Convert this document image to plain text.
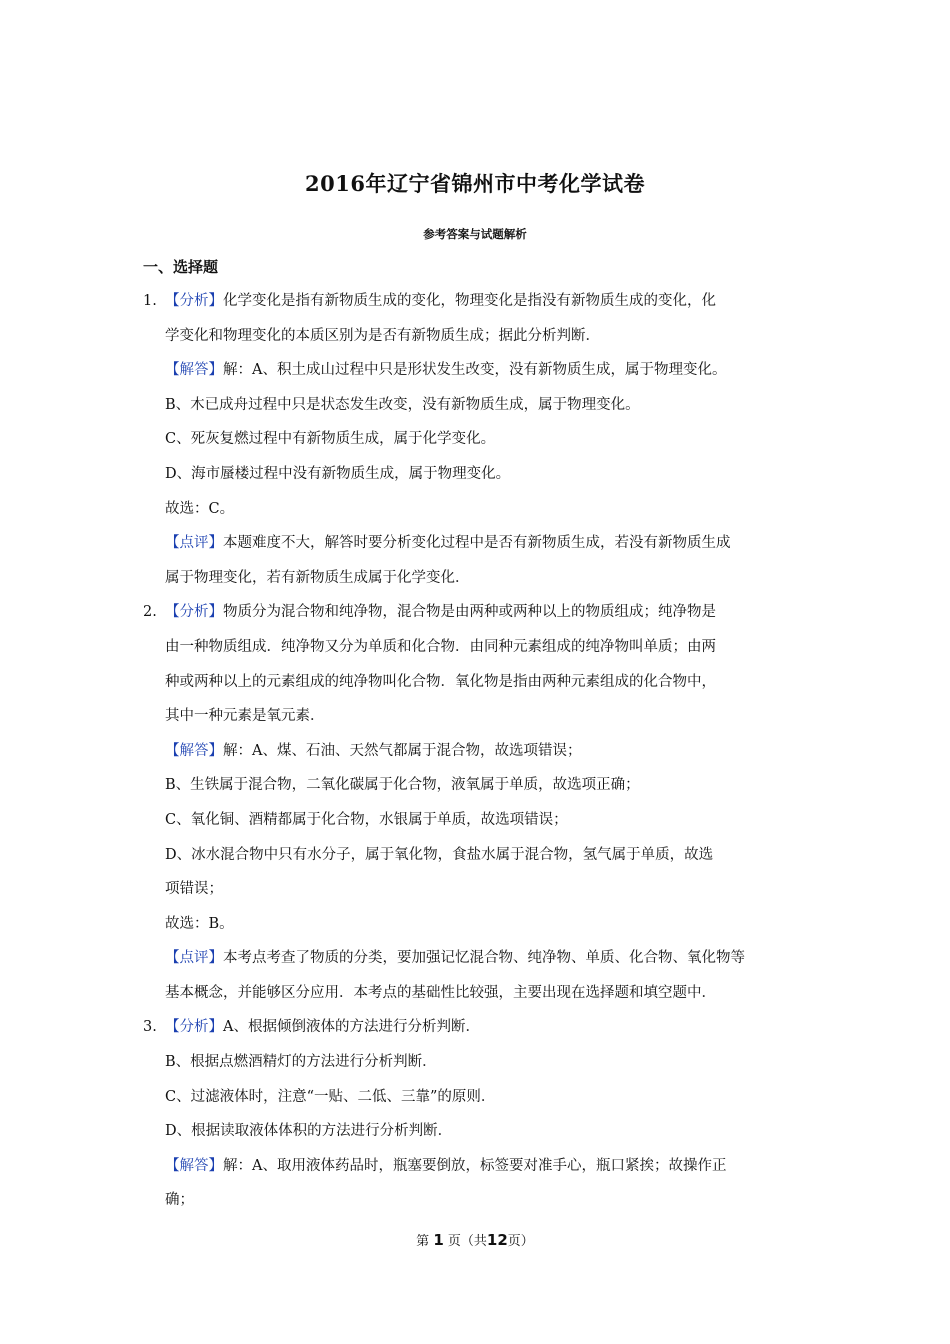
2016年辽宁省锦州市中考化学试卷
参考答案与试题解析
一、选择题
1. 【分析】化学变化是指有新物质生成的变化，物理变化是指没有新物质生成的变化，化
学变化和物理变化的本质区别为是否有新物质生成；据此分析判断．
【解答】解：A、积土成山过程中只是形状发生改变，没有新物质生成，属于物理变化。
B、木已成舟过程中只是状态发生改变，没有新物质生成，属于物理变化。
C、死灰复燃过程中有新物质生成，属于化学变化。
D、海市蜃楼过程中没有新物质生成，属于物理变化。
故选：C。
【点评】本题难度不大，解答时要分析变化过程中是否有新物质生成，若没有新物质生成
属于物理变化，若有新物质生成属于化学变化．
2. 【分析】物质分为混合物和纯净物，混合物是由两种或两种以上的物质组成；纯净物是
由一种物质组成．纯净物又分为单质和化合物．由同种元素组成的纯净物叫单质；由两
种或两种以上的元素组成的纯净物叫化合物．氧化物是指由两种元素组成的化合物中，
其中一种元素是氧元素．
【解答】解：A、煤、石油、天然气都属于混合物，故选项错误；
B、生铁属于混合物，二氧化碳属于化合物，液氧属于单质，故选项正确；
C、氧化铜、酒精都属于化合物，水银属于单质，故选项错误；
D、冰水混合物中只有水分子，属于氧化物，食盐水属于混合物，氢气属于单质，故选
项错误；
故选：B。
【点评】本考点考查了物质的分类，要加强记忆混合物、纯净物、单质、化合物、氧化物等
基本概念，并能够区分应用．本考点的基础性比较强，主要出现在选择题和填空题中．
3. 【分析】A、根据倾倒液体的方法进行分析判断．
B、根据点燃酒精灯的方法进行分析判断．
C、过滤液体时，注意“一贴、二低、三靠”的原则．
D、根据读取液体体积的方法进行分析判断．
【解答】解：A、取用液体药品时，瓶塞要倒放，标签要对准手心，瓶口紧挨；故操作正
确；
第 1 页（共12页）
